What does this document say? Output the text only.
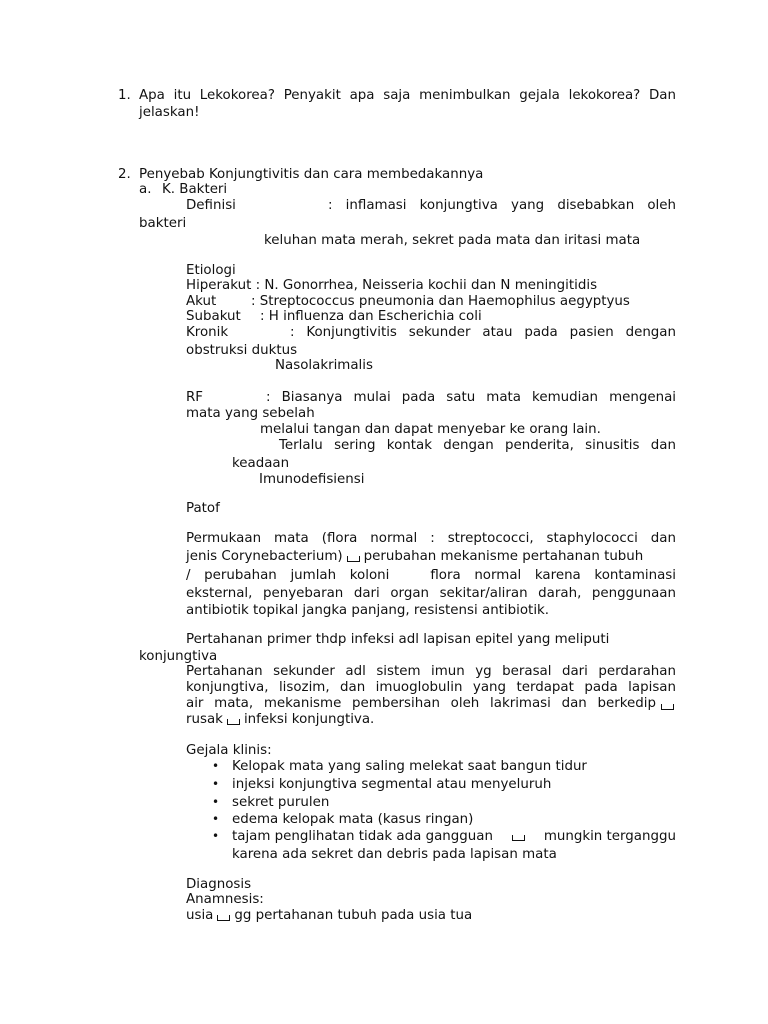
1. Apa itu Lekokorea? Penyakit apa saja menimbulkan gejala lekokorea? Dan
jelaskan!
2. Penyebab Konjungtivitis dan cara membedakannya
a. K. Bakteri
Definisi	: inflamasi konjungtiva yang disebabkan oleh
bakteri
keluhan mata merah, sekret pada mata dan iritasi mata
Etiologi
Hiperakut : N. Gonorrhea, Neisseria kochii dan N meningitidis
Akut	: Streptococcus pneumonia dan Haemophilus aegyptyus
Subakut : H influenza dan Escherichia coli
Kronik	: Konjungtivitis sekunder atau pada pasien dengan
obstruksi duktus
Nasolakrimalis
RF	: Biasanya mulai pada satu mata kemudian mengenai
mata yang sebelah
melalui tangan dan dapat menyebar ke orang lain.
Terlalu sering kontak dengan penderita, sinusitis dan
keadaan
Imunodefisiensi
Patof
Permukaan mata (flora normal : streptococci, staphylococci dan
jenis Corynebacterium) perubahan mekanisme pertahanan tubuh
/ perubahan jumlah koloni   flora normal karena kontaminasi
eksternal, penyebaran dari organ sekitar/aliran darah, penggunaan
antibiotik topikal jangka panjang, resistensi antibiotik.
Pertahanan primer thdp infeksi adl lapisan epitel yang meliputi
konjungtiva
Pertahanan sekunder adl sistem imun yg berasal dari perdarahan
konjungtiva, lisozim, dan imuoglobulin yang terdapat pada lapisan
air mata, mekanisme pembersihan oleh lakrimasi dan berkedip
rusak infeksi konjungtiva.
Gejala klinis:
• Kelopak mata yang saling melekat saat bangun tidur
• injeksi konjungtiva segmental atau menyeluruh
• sekret purulen
• edema kelopak mata (kasus ringan)
• tajam penglihatan tidak ada gangguan	mungkin terganggu
karena ada sekret dan debris pada lapisan mata
Diagnosis
Anamnesis:
usia gg pertahanan tubuh pada usia tua
